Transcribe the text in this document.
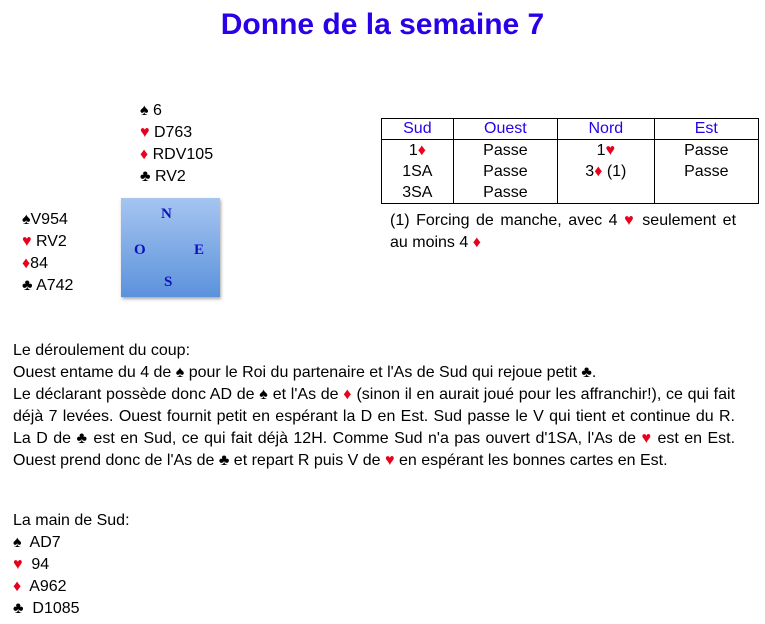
Donne de la semaine 7
♠ 6
♥ D763
♦ RDV105
♣ RV2
♠V954
♥ RV2
♦84
♣ A742
N
O	E
S
Sud	Ouest	Nord	Est
1♦	Passe	1♥	Passe
1SA	Passe	3♦ (1)	Passe
3SA	Passe		
(1) Forcing de manche, avec 4 ♥ seulement et au moins 4 ♦

Le déroulement du coup:

Ouest entame du 4 de ♠ pour le Roi du partenaire et l'As de Sud qui rejoue petit ♣.

Le déclarant possède donc AD de ♠ et l'As de ♦ (sinon il en aurait joué pour les affranchir!), ce qui fait déjà 7 levées. Ouest fournit petit en espérant la D en Est. Sud passe le V qui tient et continue du R. La D de ♣ est en Sud, ce qui fait déjà 12H. Comme Sud n'a pas ouvert d'1SA, l'As de ♥ est en Est. Ouest prend donc de l'As de ♣ et repart R puis V de ♥ en espérant les bonnes cartes en Est.

La main de Sud:
♠ AD7
♥ 94
♦ A962
♣ D1085
